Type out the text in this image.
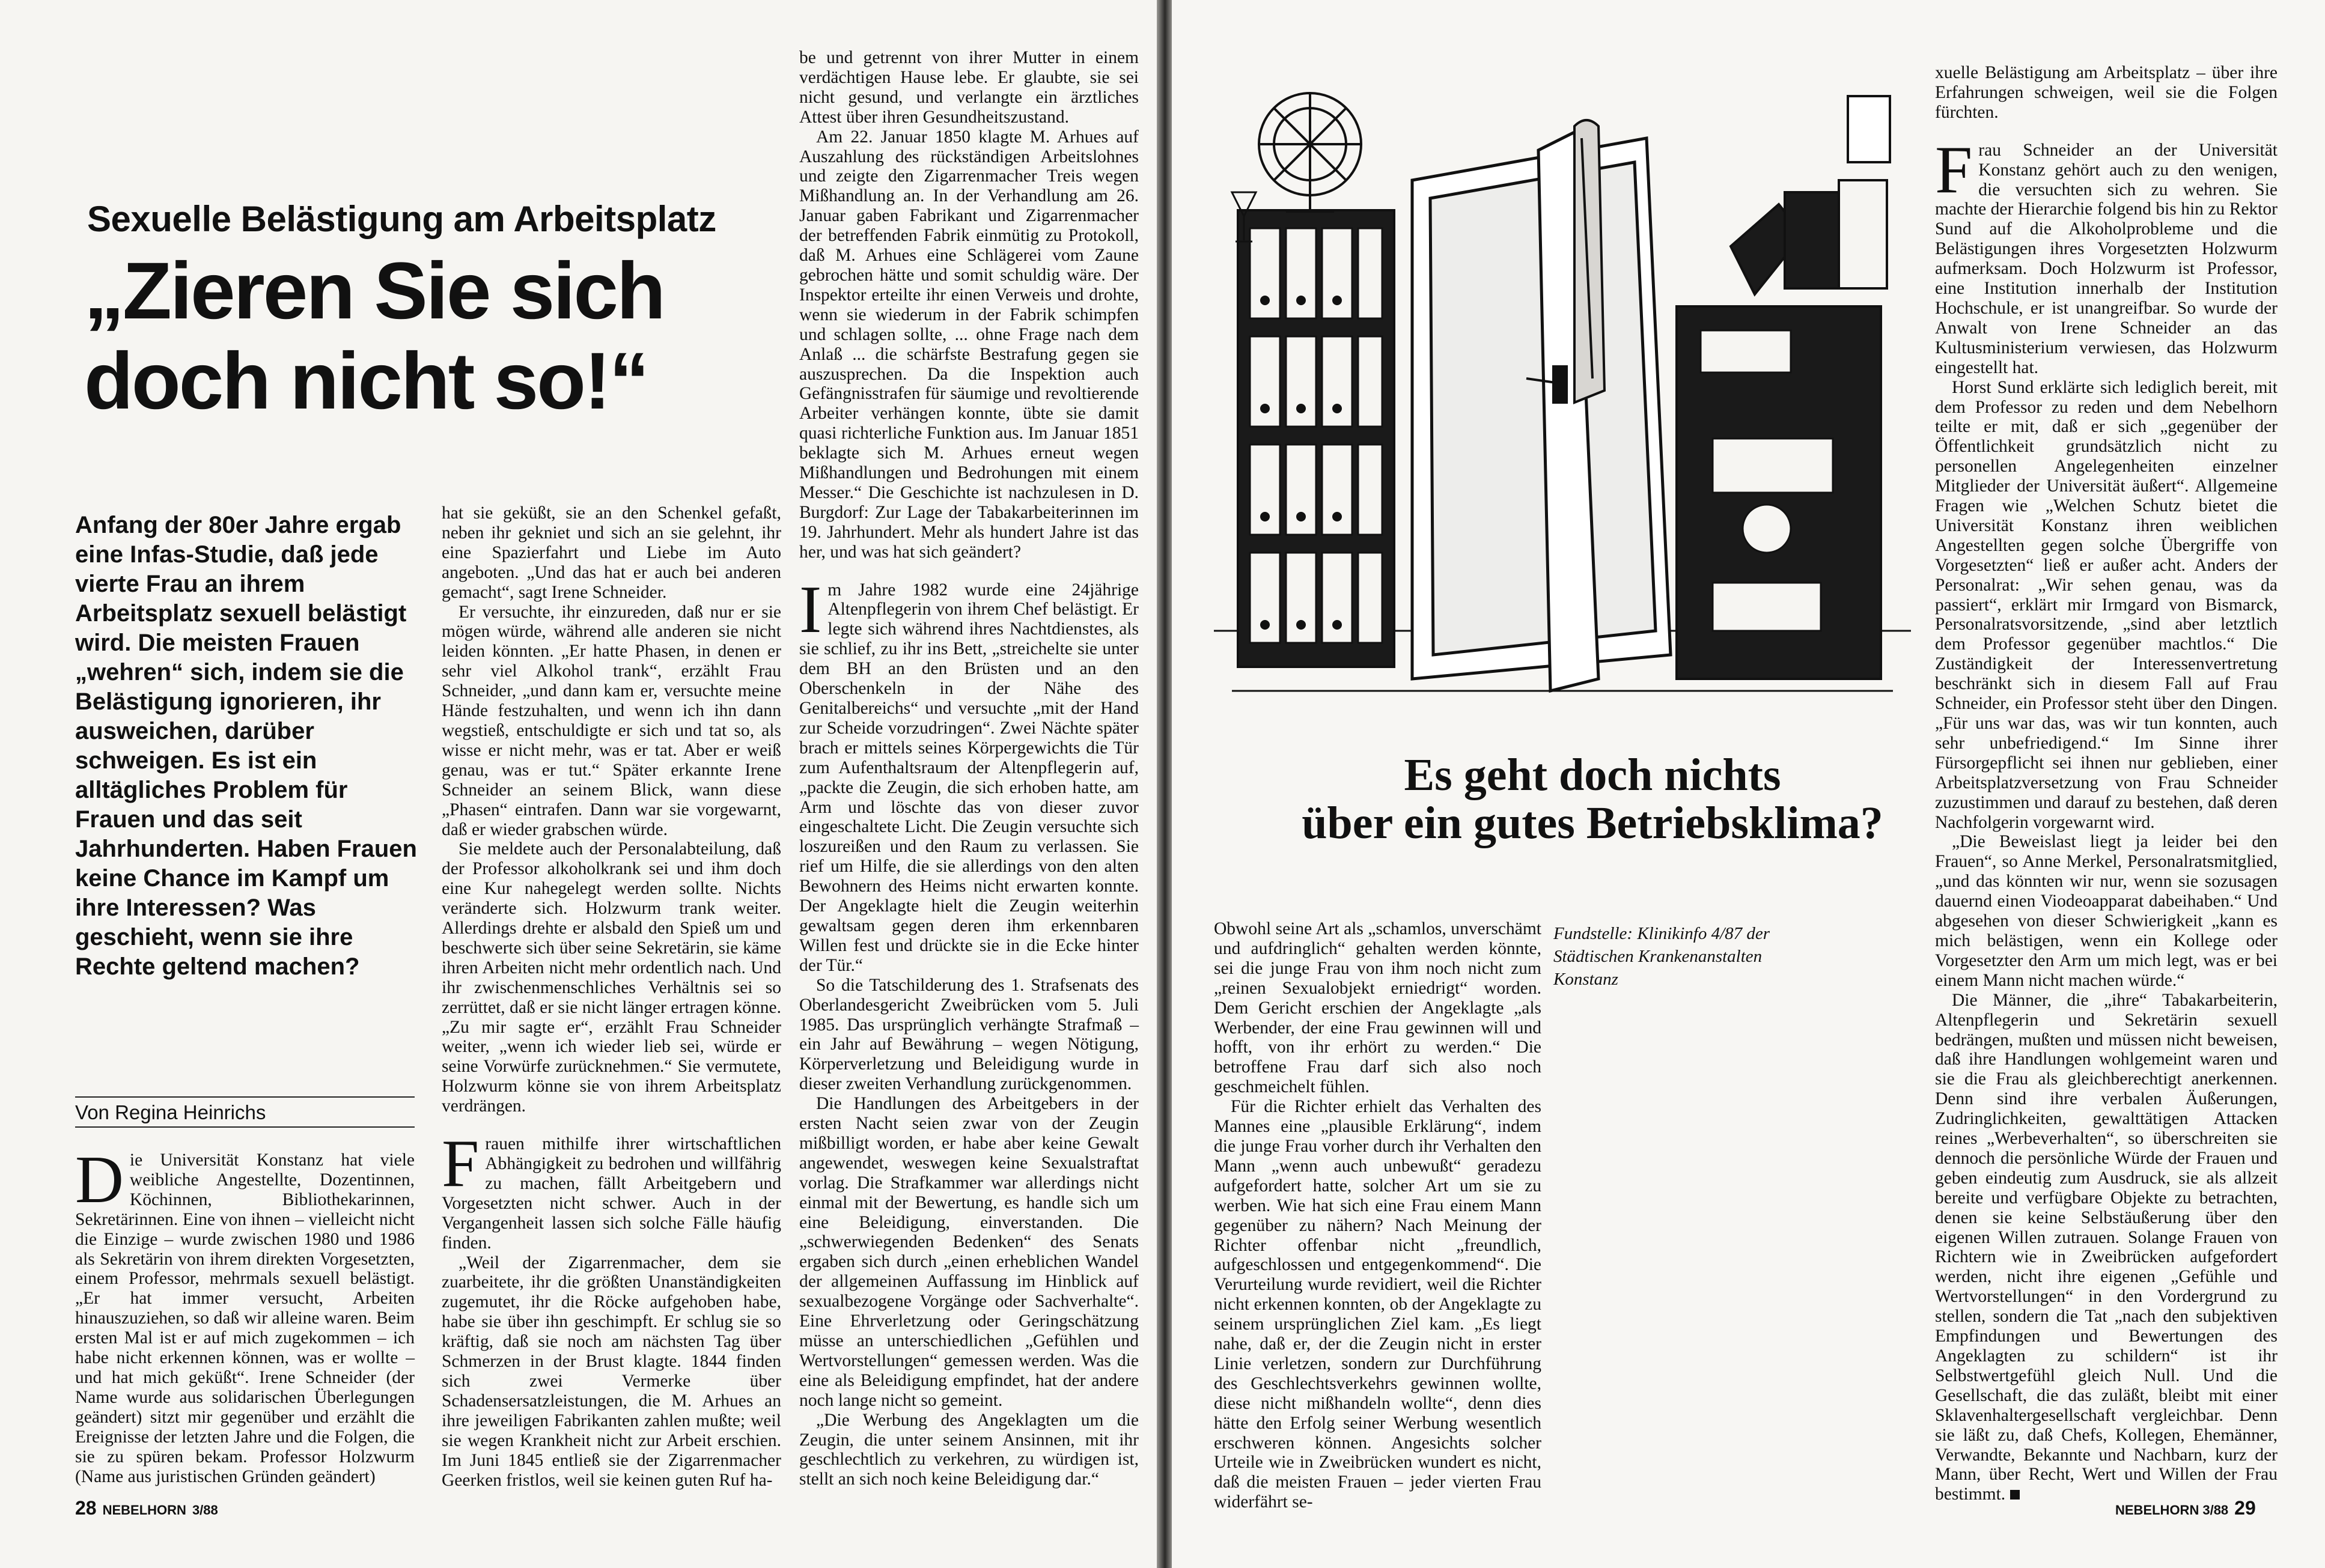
Sexuelle Belästigung am Arbeitsplatz
„Zieren Sie sich
doch nicht so!“
Anfang der 80er Jahre ergab eine Infas-Studie, daß jede vierte Frau an ihrem Arbeitsplatz sexuell belästigt wird. Die meisten Frauen „wehren“ sich, indem sie die Belästigung ignorieren, ihr ausweichen, darüber schweigen. Es ist ein alltägliches Problem für Frauen und das seit Jahrhunderten. Haben Frauen keine Chance im Kampf um ihre Interessen? Was geschieht, wenn sie ihre Rechte geltend machen?
Von Regina Heinrichs

Die Universität Konstanz hat viele weibliche Angestellte, Dozentinnen, Köchinnen, Bibliothekarinnen, Sekretärinnen. Eine von ihnen – vielleicht nicht die Einzige – wurde zwischen 1980 und 1986 als Sekretärin von ihrem direkten Vorgesetzten, einem Professor, mehrmals sexuell belästigt. „Er hat immer versucht, Arbeiten hinauszuziehen, so daß wir alleine waren. Beim ersten Mal ist er auf mich zugekommen – ich habe nicht erkennen können, was er wollte – und hat mich geküßt“. Irene Schneider (der Name wurde aus solidarischen Überlegungen geändert) sitzt mir gegenüber und erzählt die Ereignisse der letzten Jahre und die Folgen, die sie zu spüren bekam. Professor Holzwurm (Name aus juristischen Gründen geändert)

hat sie geküßt, sie an den Schenkel gefaßt, neben ihr gekniet und sich an sie gelehnt, ihr eine Spazierfahrt und Liebe im Auto angeboten. „Und das hat er auch bei anderen gemacht“, sagt Irene Schneider.

Er versuchte, ihr einzureden, daß nur er sie mögen würde, während alle anderen sie nicht leiden könnten. „Er hatte Phasen, in denen er sehr viel Alkohol trank“, erzählt Frau Schneider, „und dann kam er, versuchte meine Hände festzuhalten, und wenn ich ihn dann wegstieß, entschuldigte er sich und tat so, als wisse er nicht mehr, was er tat. Aber er weiß genau, was er tut.“ Später erkannte Irene Schneider an seinem Blick, wann diese „Phasen“ eintrafen. Dann war sie vorgewarnt, daß er wieder grabschen würde.

Sie meldete auch der Personalabteilung, daß der Professor alkoholkrank sei und ihm doch eine Kur nahegelegt werden sollte. Nichts veränderte sich. Holzwurm trank weiter. Allerdings drehte er alsbald den Spieß um und beschwerte sich über seine Sekretärin, sie käme ihren Arbeiten nicht mehr ordentlich nach. Und ihr zwischenmenschliches Verhältnis sei so zerrüttet, daß er sie nicht länger ertragen könne. „Zu mir sagte er“, erzählt Frau Schneider weiter, „wenn ich wieder lieb sei, würde er seine Vorwürfe zurücknehmen.“ Sie vermutete, Holzwurm könne sie von ihrem Arbeitsplatz verdrängen.

Frauen mithilfe ihrer wirtschaftlichen Abhängigkeit zu bedrohen und willfährig zu machen, fällt Arbeitgebern und Vorgesetzten nicht schwer. Auch in der Vergangenheit lassen sich solche Fälle häufig finden.

„Weil der Zigarrenmacher, dem sie zuarbeitete, ihr die größten Unanständigkeiten zugemutet, ihr die Röcke aufgehoben habe, habe sie über ihn geschimpft. Er schlug sie so kräftig, daß sie noch am nächsten Tag über Schmerzen in der Brust klagte. 1844 finden sich zwei Vermerke über Schadensersatzleistungen, die M. Arhues an ihre jeweiligen Fabrikanten zahlen mußte; weil sie wegen Krankheit nicht zur Arbeit erschien. Im Juni 1845 entließ sie der Zigarrenmacher Geerken fristlos, weil sie keinen guten Ruf ha-

be und getrennt von ihrer Mutter in einem verdächtigen Hause lebe. Er glaubte, sie sei nicht gesund, und verlangte ein ärztliches Attest über ihren Gesundheitszustand.

Am 22. Januar 1850 klagte M. Arhues auf Auszahlung des rückständigen Arbeitslohnes und zeigte den Zigarrenmacher Treis wegen Mißhandlung an. In der Verhandlung am 26. Januar gaben Fabrikant und Zigarrenmacher der betreffenden Fabrik einmütig zu Protokoll, daß M. Arhues eine Schlägerei vom Zaune gebrochen hätte und somit schuldig wäre. Der Inspektor erteilte ihr einen Verweis und drohte, wenn sie wiederum in der Fabrik schimpfen und schlagen sollte, ... ohne Frage nach dem Anlaß ... die schärfste Bestrafung gegen sie auszusprechen. Da die Inspektion auch Gefängnisstrafen für säumige und revoltierende Arbeiter verhängen konnte, übte sie damit quasi richterliche Funktion aus. Im Januar 1851 beklagte sich M. Arhues erneut wegen Mißhandlungen und Bedrohungen mit einem Messer.“ Die Geschichte ist nachzulesen in D. Burgdorf: Zur Lage der Tabakarbeiterinnen im 19. Jahrhundert. Mehr als hundert Jahre ist das her, und was hat sich geändert?

Im Jahre 1982 wurde eine 24jährige Altenpflegerin von ihrem Chef belästigt. Er legte sich während ihres Nachtdienstes, als sie schlief, zu ihr ins Bett, „streichelte sie unter dem BH an den Brüsten und an den Oberschenkeln in der Nähe des Genitalbereichs“ und versuchte „mit der Hand zur Scheide vorzudringen“. Zwei Nächte später brach er mittels seines Körpergewichts die Tür zum Aufenthaltsraum der Altenpflegerin auf, „packte die Zeugin, die sich erhoben hatte, am Arm und löschte das von dieser zuvor eingeschaltete Licht. Die Zeugin versuchte sich loszureißen und den Raum zu verlassen. Sie rief um Hilfe, die sie allerdings von den alten Bewohnern des Heims nicht erwarten konnte. Der Angeklagte hielt die Zeugin weiterhin gewaltsam gegen deren ihm erkennbaren Willen fest und drückte sie in die Ecke hinter der Tür.“

So die Tatschilderung des 1. Strafsenats des Oberlandesgericht Zweibrücken vom 5. Juli 1985. Das ursprünglich verhängte Strafmaß – ein Jahr auf Bewährung – wegen Nötigung, Körperverletzung und Beleidigung wurde in dieser zweiten Verhandlung zurückgenommen.

Die Handlungen des Arbeitgebers in der ersten Nacht seien zwar von der Zeugin mißbilligt worden, er habe aber keine Gewalt angewendet, weswegen keine Sexualstraftat vorlag. Die Strafkammer war allerdings nicht einmal mit der Bewertung, es handle sich um eine Beleidigung, einverstanden. Die „schwerwiegenden Bedenken“ des Senats ergaben sich durch „einen erheblichen Wandel der allgemeinen Auffassung im Hinblick auf sexualbezogene Vorgänge oder Sachverhalte“. Eine Ehrverletzung oder Geringschätzung müsse an unterschiedlichen „Gefühlen und Wertvorstellungen“ gemessen werden. Was die eine als Beleidigung empfindet, hat der andere noch lange nicht so gemeint.

„Die Werbung des Angeklagten um die Zeugin, die unter seinem Ansinnen, mit ihr geschlechtlich zu verkehren, zu würdigen ist, stellt an sich noch keine Beleidigung dar.“

28 NEBELHORN 3/88
Es geht doch nichts
über ein gutes Betriebsklima?
Fundstelle: Klinikinfo 4/87 der Städtischen Krankenanstalten Konstanz

Obwohl seine Art als „schamlos, unverschämt und aufdringlich“ gehalten werden könnte, sei die junge Frau von ihm noch nicht zum „reinen Sexualobjekt erniedrigt“ worden. Dem Gericht erschien der Angeklagte „als Werbender, der eine Frau gewinnen will und hofft, von ihr erhört zu werden.“ Die betroffene Frau darf sich also noch geschmeichelt fühlen.

Für die Richter erhielt das Verhalten des Mannes eine „plausible Erklärung“, indem die junge Frau vorher durch ihr Verhalten den Mann „wenn auch unbewußt“ geradezu aufgefordert hatte, solcher Art um sie zu werben. Wie hat sich eine Frau einem Mann gegenüber zu nähern? Nach Meinung der Richter offenbar nicht „freundlich, aufgeschlossen und entgegenkommend“. Die Verurteilung wurde revidiert, weil die Richter nicht erkennen konnten, ob der Angeklagte zu seinem ursprünglichen Ziel kam. „Es liegt nahe, daß er, der die Zeugin nicht in erster Linie verletzen, sondern zur Durchführung des Geschlechtsverkehrs gewinnen wollte, diese nicht mißhandeln wollte“, denn dies hätte den Erfolg seiner Werbung wesentlich erschweren können. Angesichts solcher Urteile wie in Zweibrücken wundert es nicht, daß die meisten Frauen – jeder vierten Frau widerfährt se-

xuelle Belästigung am Arbeitsplatz – über ihre Erfahrungen schweigen, weil sie die Folgen fürchten.

Frau Schneider an der Universität Konstanz gehört auch zu den wenigen, die versuchten sich zu wehren. Sie machte der Hierarchie folgend bis hin zu Rektor Sund auf die Alkoholprobleme und die Belästigungen ihres Vorgesetzten Holzwurm aufmerksam. Doch Holzwurm ist Professor, eine Institution innerhalb der Institution Hochschule, er ist unangreifbar. So wurde der Anwalt von Irene Schneider an das Kultusministerium verwiesen, das Holzwurm eingestellt hat.

Horst Sund erklärte sich lediglich bereit, mit dem Professor zu reden und dem Nebelhorn teilte er mit, daß er sich „gegenüber der Öffentlichkeit grundsätzlich nicht zu personellen Angelegenheiten einzelner Mitglieder der Universität äußert“. Allgemeine Fragen wie „Welchen Schutz bietet die Universität Konstanz ihren weiblichen Angestellten gegen solche Übergriffe von Vorgesetzten“ ließ er außer acht. Anders der Personalrat: „Wir sehen genau, was da passiert“, erklärt mir Irmgard von Bismarck, Personalratsvorsitzende, „sind aber letztlich dem Professor gegenüber machtlos.“ Die Zuständigkeit der Interessenvertretung beschränkt sich in diesem Fall auf Frau Schneider, ein Professor steht über den Dingen. „Für uns war das, was wir tun konnten, auch sehr unbefriedigend.“ Im Sinne ihrer Fürsorgepflicht sei ihnen nur geblieben, einer Arbeitsplatzversetzung von Frau Schneider zuzustimmen und darauf zu bestehen, daß deren Nachfolgerin vorgewarnt wird.

„Die Beweislast liegt ja leider bei den Frauen“, so Anne Merkel, Personalratsmitglied, „und das könnten wir nur, wenn sie sozusagen dauernd einen Viodeoapparat dabeihaben.“ Und abgesehen von dieser Schwierigkeit „kann es mich belästigen, wenn ein Kollege oder Vorgesetzter den Arm um mich legt, was er bei einem Mann nicht machen würde.“

Die Männer, die „ihre“ Tabakarbeiterin, Altenpflegerin und Sekretärin sexuell bedrängen, mußten und müssen nicht beweisen, daß ihre Handlungen wohlgemeint waren und sie die Frau als gleichberechtigt anerkennen. Denn sind ihre verbalen Äußerungen, Zudringlichkeiten, gewalttätigen Attacken reines „Werbeverhalten“, so überschreiten sie dennoch die persönliche Würde der Frauen und geben eindeutig zum Ausdruck, sie als allzeit bereite und verfügbare Objekte zu betrachten, denen sie keine Selbstäußerung über den eigenen Willen zutrauen. Solange Frauen von Richtern wie in Zweibrücken aufgefordert werden, nicht ihre eigenen „Gefühle und Wertvorstellungen“ in den Vordergrund zu stellen, sondern die Tat „nach den subjektiven Empfindungen und Bewertungen des Angeklagten zu schildern“ ist ihr Selbstwertgefühl gleich Null. Und die Gesellschaft, die das zuläßt, bleibt mit einer Sklavenhaltergesellschaft vergleichbar. Denn sie läßt zu, daß Chefs, Kollegen, Ehemänner, Verwandte, Bekannte und Nachbarn, kurz der Mann, über Recht, Wert und Willen der Frau bestimmt.

NEBELHORN 3/88 29
